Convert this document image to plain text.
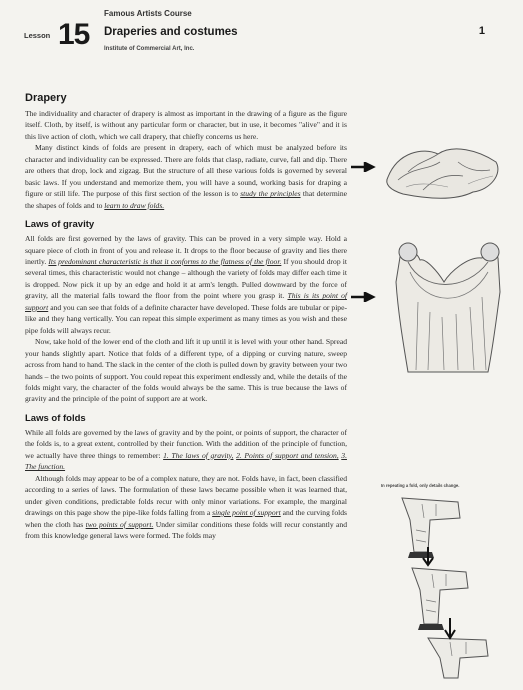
Famous Artists Course
Lesson 15 Draperies and costumes
Institute of Commercial Art, Inc.
1
Drapery

The individuality and character of drapery is almost as important in the drawing of a figure as the figure itself. Cloth, by itself, is without any particular form or character, but in use, it becomes "alive" and it is this live action of cloth, which we call drapery, that chiefly concerns us here.

Many distinct kinds of folds are present in drapery, each of which must be analyzed before its character and individuality can be expressed. There are folds that clasp, radiate, curve, fall and dip. There are others that drop, lock and zigzag. But the structure of all these various folds is governed by several basic laws. If you understand and memorize them, you will have a sound, working basis for draping a figure or still life. The purpose of this first section of the lesson is to study the principles that determine the shapes of folds and to learn to draw folds.

Laws of gravity

All folds are first governed by the laws of gravity. This can be proved in a very simple way. Hold a square piece of cloth in front of you and release it. It drops to the floor because of gravity and lies there inertly. Its predominant characteristic is that it conforms to the flatness of the floor. If you should drop it several times, this characteristic would not change – although the variety of folds may differ each time it is dropped. Now pick it up by an edge and hold it at arm's length. Pulled downward by the force of gravity, all the material falls toward the floor from the point where you grasp it. This is its point of support and you can see that folds of a definite character have developed. These folds are tubular or pipe-like and they hang vertically. You can repeat this simple experiment as many times as you wish and these pipe folds will always recur.

Now, take hold of the lower end of the cloth and lift it up until it is level with your other hand. Spread your hands slightly apart. Notice that folds of a different type, of a dipping or curving nature, sweep across from hand to hand. The slack in the center of the cloth is pulled down by gravity between your two hands – the two points of support. You could repeat this experiment endlessly and, while the details of the folds might vary, the character of the folds would always be the same. This is true because the laws of gravity and the principle of the point of support are at work.

Laws of folds

While all folds are governed by the laws of gravity and by the point, or points of support, the character of the folds is, to a great extent, controlled by their function. With the addition of the principle of function, we actually have three things to remember: 1. The laws of gravity, 2. Points of support and tension, 3. The function.

Although folds may appear to be of a complex nature, they are not. Folds have, in fact, been classified according to a series of laws. The formulation of these laws became possible when it was learned that, under given conditions, predictable folds recur with only minor variations. For example, the marginal drawings on this page show the pipe-like folds falling from a single point of support and the curving folds when the cloth has two points of support. Under similar conditions these folds will recur constantly and from this knowledge general laws were formed. The folds may

In repeating a fold, only details change.
